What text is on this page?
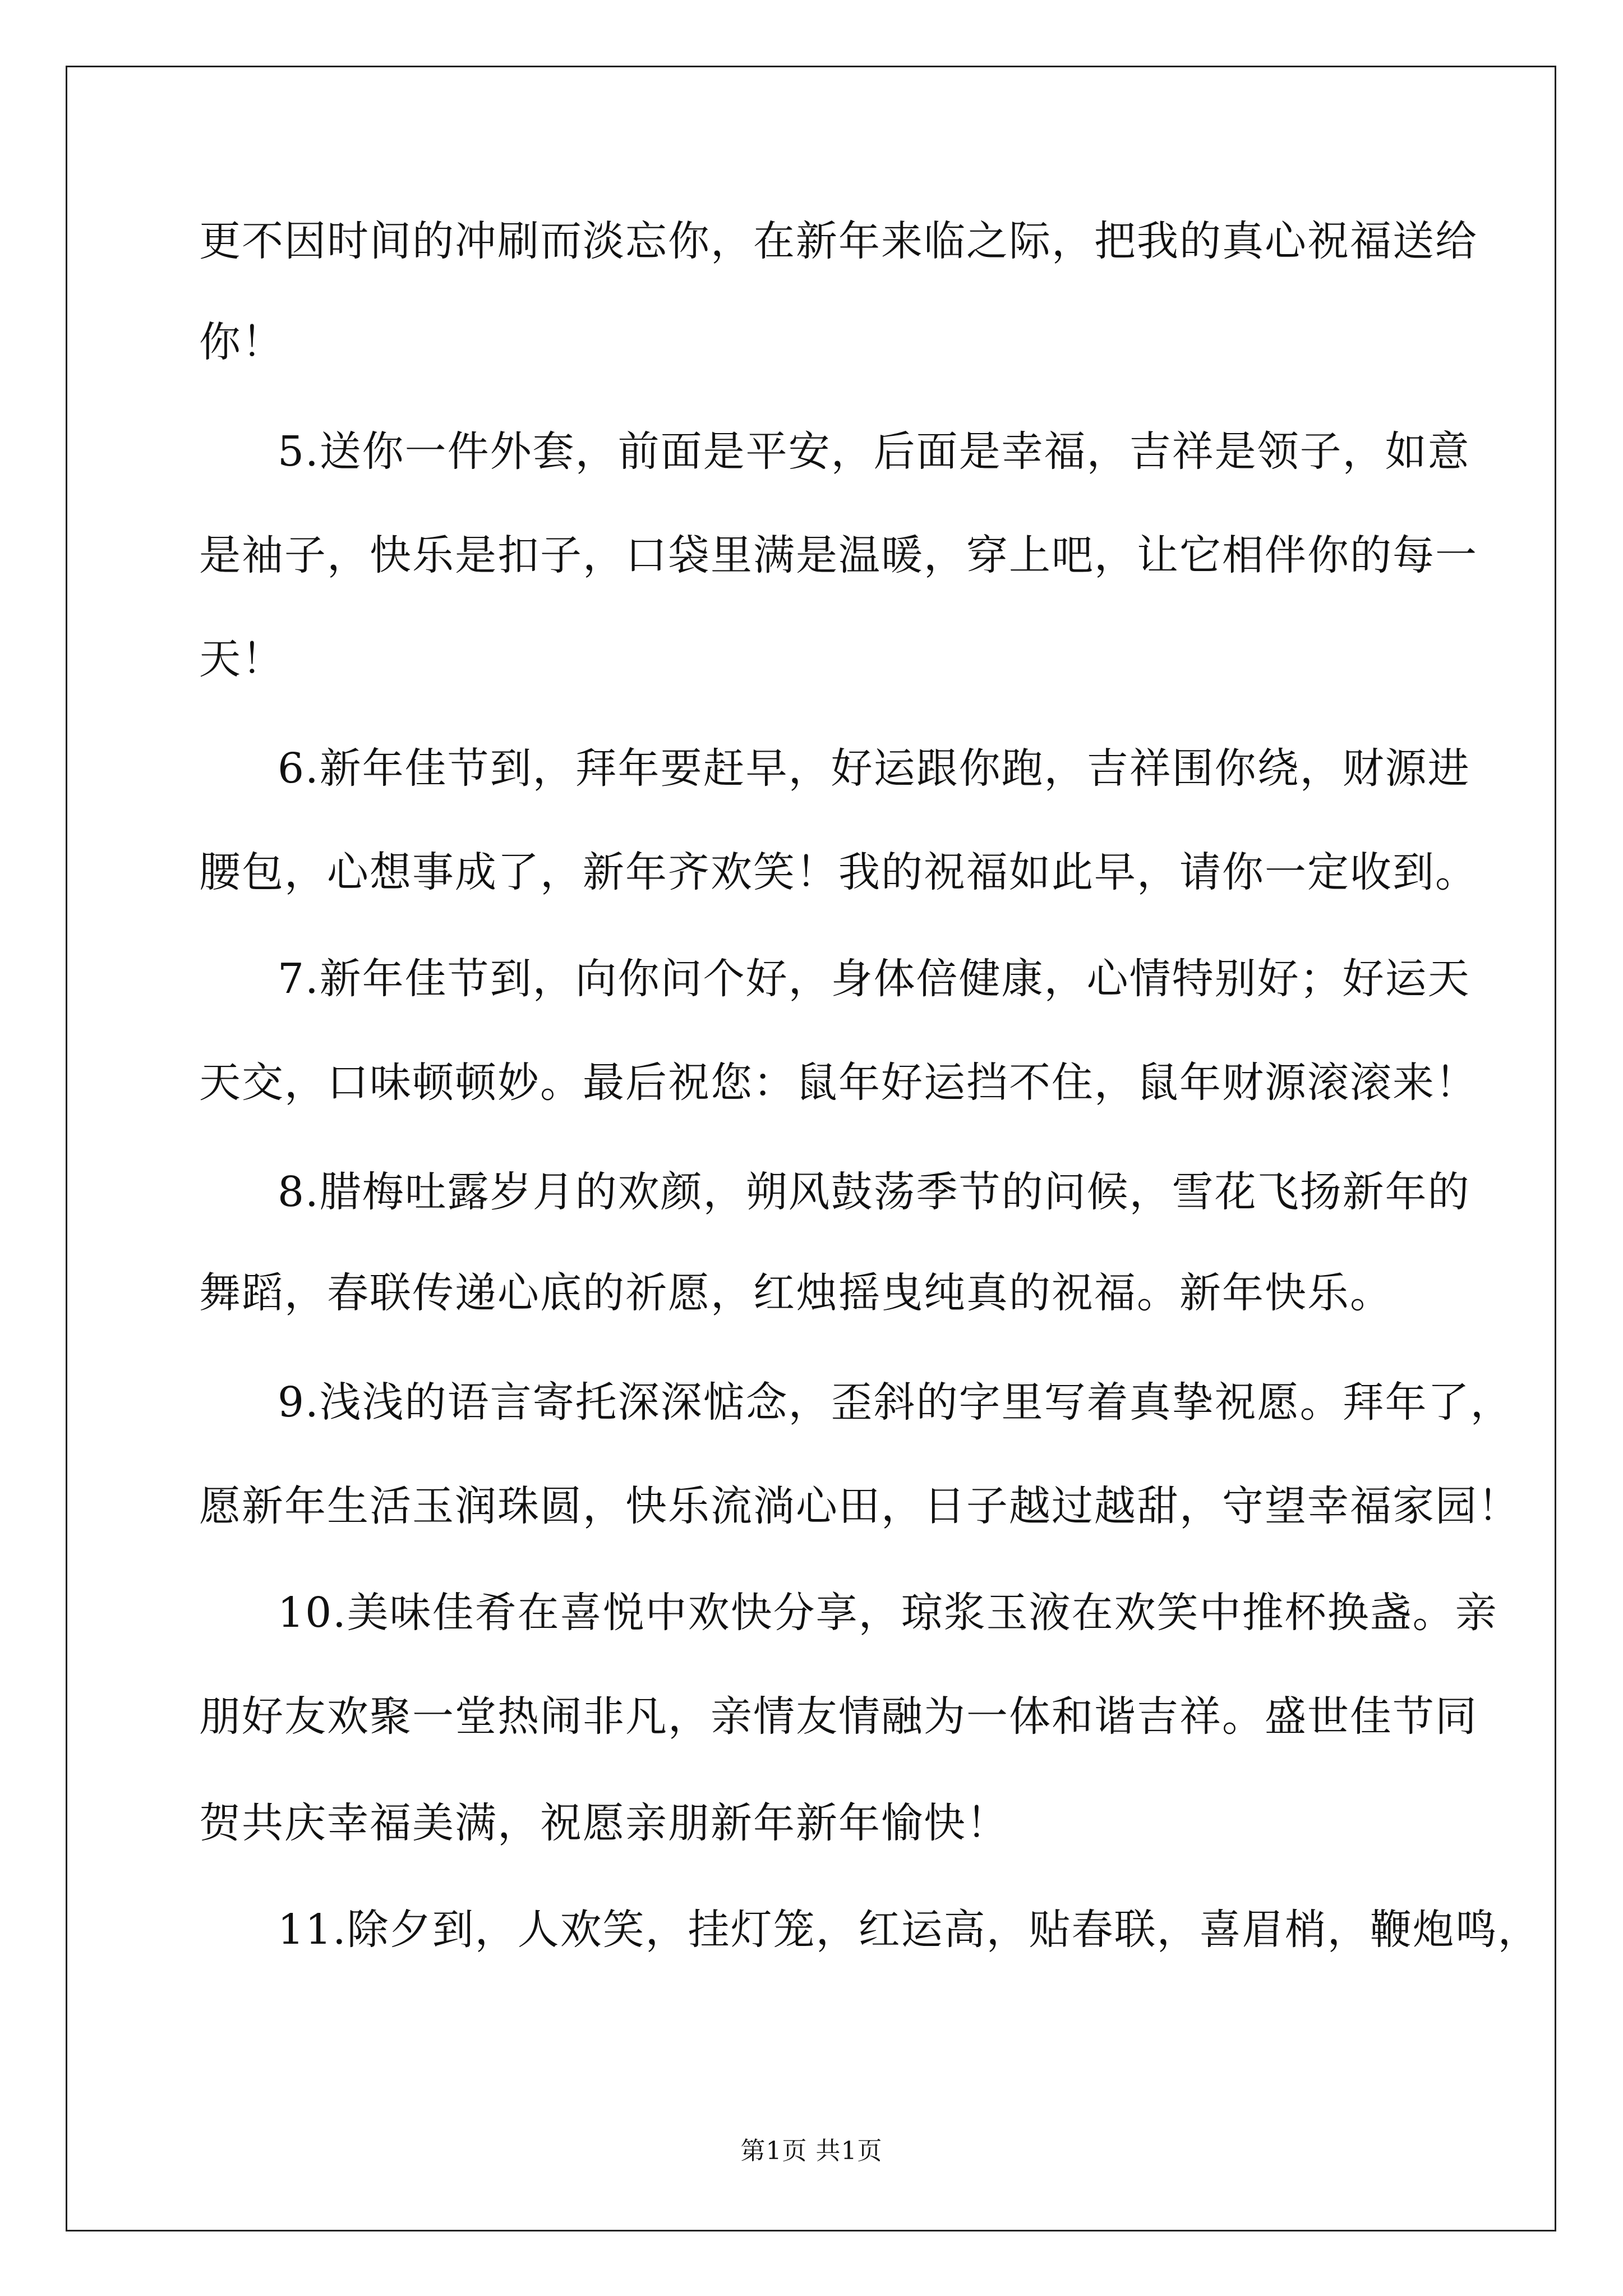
更不因时间的冲刷而淡忘你，在新年来临之际，把我的真心祝福送给
你！
5.送你一件外套，前面是平安，后面是幸福，吉祥是领子，如意
是袖子，快乐是扣子，口袋里满是温暖，穿上吧，让它相伴你的每一
天！
6.新年佳节到，拜年要赶早，好运跟你跑，吉祥围你绕，财源进
腰包，心想事成了，新年齐欢笑！我的祝福如此早，请你一定收到。
7.新年佳节到，向你问个好，身体倍健康，心情特别好；好运天
天交，口味顿顿妙。最后祝您：鼠年好运挡不住，鼠年财源滚滚来！
8.腊梅吐露岁月的欢颜，朔风鼓荡季节的问候，雪花飞扬新年的
舞蹈，春联传递心底的祈愿，红烛摇曳纯真的祝福。新年快乐。
9.浅浅的语言寄托深深惦念，歪斜的字里写着真挚祝愿。拜年了，
愿新年生活玉润珠圆，快乐流淌心田，日子越过越甜，守望幸福家园！
10.美味佳肴在喜悦中欢快分享，琼浆玉液在欢笑中推杯换盏。亲
朋好友欢聚一堂热闹非凡，亲情友情融为一体和谐吉祥。盛世佳节同
贺共庆幸福美满，祝愿亲朋新年新年愉快！
11.除夕到，人欢笑，挂灯笼，红运高，贴春联，喜眉梢，鞭炮鸣，
第1页 共1页
